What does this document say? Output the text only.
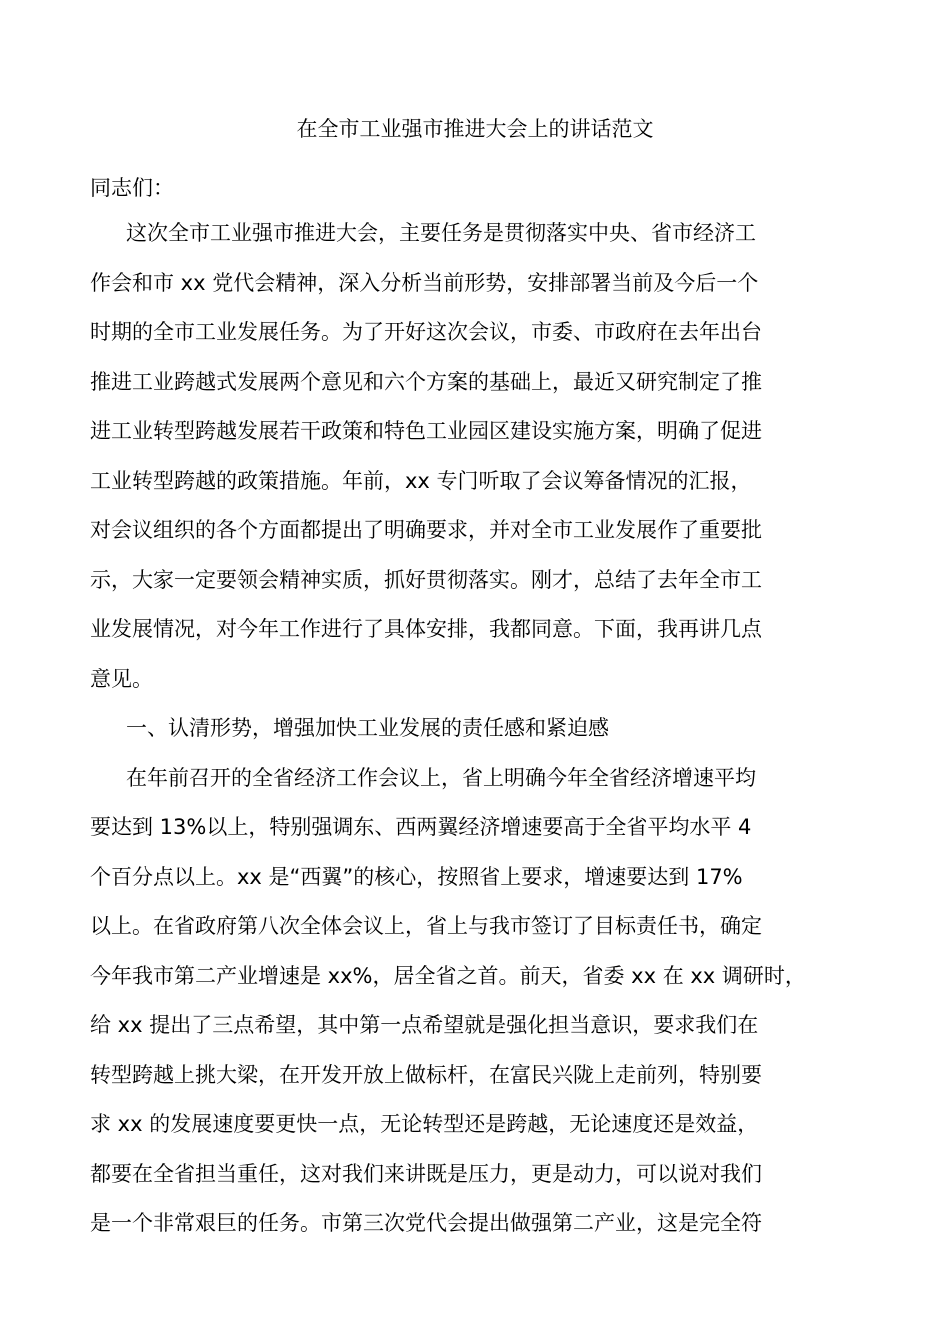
在全市工业强市推进大会上的讲话范文
同志们：
这次全市工业强市推进大会，主要任务是贯彻落实中央、省市经济工
作会和市 xx 党代会精神，深入分析当前形势，安排部署当前及今后一个
时期的全市工业发展任务。为了开好这次会议，市委、市政府在去年出台
推进工业跨越式发展两个意见和六个方案的基础上，最近又研究制定了推
进工业转型跨越发展若干政策和特色工业园区建设实施方案，明确了促进
工业转型跨越的政策措施。年前，xx 专门听取了会议筹备情况的汇报，
对会议组织的各个方面都提出了明确要求，并对全市工业发展作了重要批
示，大家一定要领会精神实质，抓好贯彻落实。刚才，总结了去年全市工
业发展情况，对今年工作进行了具体安排，我都同意。下面，我再讲几点
意见。
一、认清形势，增强加快工业发展的责任感和紧迫感
在年前召开的全省经济工作会议上，省上明确今年全省经济增速平均
要达到 13%以上，特别强调东、西两翼经济增速要高于全省平均水平 4
个百分点以上。xx 是“西翼”的核心，按照省上要求，增速要达到 17%
以上。在省政府第八次全体会议上，省上与我市签订了目标责任书，确定
今年我市第二产业增速是 xx%，居全省之首。前天，省委 xx 在 xx 调研时，
给 xx 提出了三点希望，其中第一点希望就是强化担当意识，要求我们在
转型跨越上挑大梁，在开发开放上做标杆，在富民兴陇上走前列，特别要
求 xx 的发展速度要更快一点，无论转型还是跨越，无论速度还是效益，
都要在全省担当重任，这对我们来讲既是压力，更是动力，可以说对我们
是一个非常艰巨的任务。市第三次党代会提出做强第二产业，这是完全符
